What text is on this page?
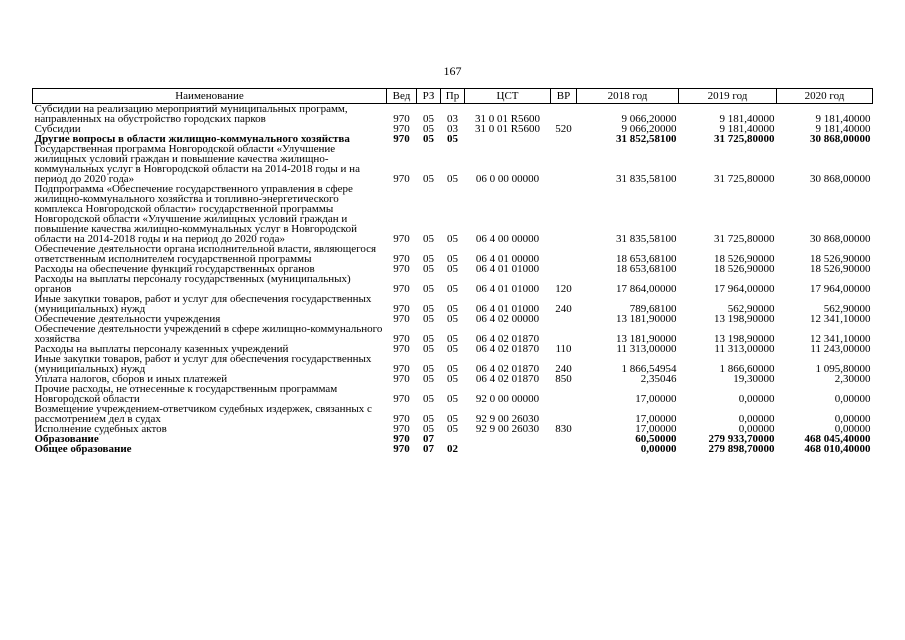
167
Наименование	Вед	РЗ	Пр	ЦСТ	ВР	2018 год	2019 год	2020 год
Субсидии на реализацию мероприятий муниципальных программ, направленных на обустройство городских парков	970	05	03	31 0 01 R5600		9 066,20000	9 181,40000	9 181,40000
Субсидии	970	05	03	31 0 01 R5600	520	9 066,20000	9 181,40000	9 181,40000
Другие вопросы в области жилищно-коммунального хозяйства	970	05	05			31 852,58100	31 725,80000	30 868,00000
Государственная программа Новгородской области «Улучшение жилищных условий граждан и повышение качества жилищно-коммунальных услуг в Новгородской области на 2014-2018 годы и на период до 2020 года»	970	05	05	06 0 00 00000		31 835,58100	31 725,80000	30 868,00000
Подпрограмма «Обеспечение государственного управления в сфере жилищно-коммунального хозяйства и топливно-энергетического комплекса Новгородской области» государственной программы Новгородской области «Улучшение жилищных условий граждан и повышение качества жилищно-коммунальных услуг в Новгородской области на 2014-2018 годы и на период до 2020 года»	970	05	05	06 4 00 00000		31 835,58100	31 725,80000	30 868,00000
Обеспечение деятельности органа исполнительной власти, являющегося ответственным исполнителем государственной программы	970	05	05	06 4 01 00000		18 653,68100	18 526,90000	18 526,90000
Расходы на обеспечение функций государственных органов	970	05	05	06 4 01 01000		18 653,68100	18 526,90000	18 526,90000
Расходы на выплаты персоналу государственных (муниципальных) органов	970	05	05	06 4 01 01000	120	17 864,00000	17 964,00000	17 964,00000
Иные закупки товаров, работ и услуг для обеспечения государственных (муниципальных) нужд	970	05	05	06 4 01 01000	240	789,68100	562,90000	562,90000
Обеспечение деятельности учреждения	970	05	05	06 4 02 00000		13 181,90000	13 198,90000	12 341,10000
Обеспечение деятельности учреждений в сфере жилищно-коммунального хозяйства	970	05	05	06 4 02 01870		13 181,90000	13 198,90000	12 341,10000
Расходы на выплаты персоналу казенных учреждений	970	05	05	06 4 02 01870	110	11 313,00000	11 313,00000	11 243,00000
Иные закупки товаров, работ и услуг для обеспечения государственных (муниципальных) нужд	970	05	05	06 4 02 01870	240	1 866,54954	1 866,60000	1 095,80000
Уплата налогов, сборов и иных платежей	970	05	05	06 4 02 01870	850	2,35046	19,30000	2,30000
Прочие расходы, не отнесенные к государственным программам Новгородской области	970	05	05	92 0 00 00000		17,00000	0,00000	0,00000
Возмещение учреждением-ответчиком судебных издержек, связанных с рассмотрением дел в судах	970	05	05	92 9 00 26030		17,00000	0,00000	0,00000
Исполнение судебных актов	970	05	05	92 9 00 26030	830	17,00000	0,00000	0,00000
Образование	970	07				60,50000	279 933,70000	468 045,40000
Общее образование	970	07	02			0,00000	279 898,70000	468 010,40000
